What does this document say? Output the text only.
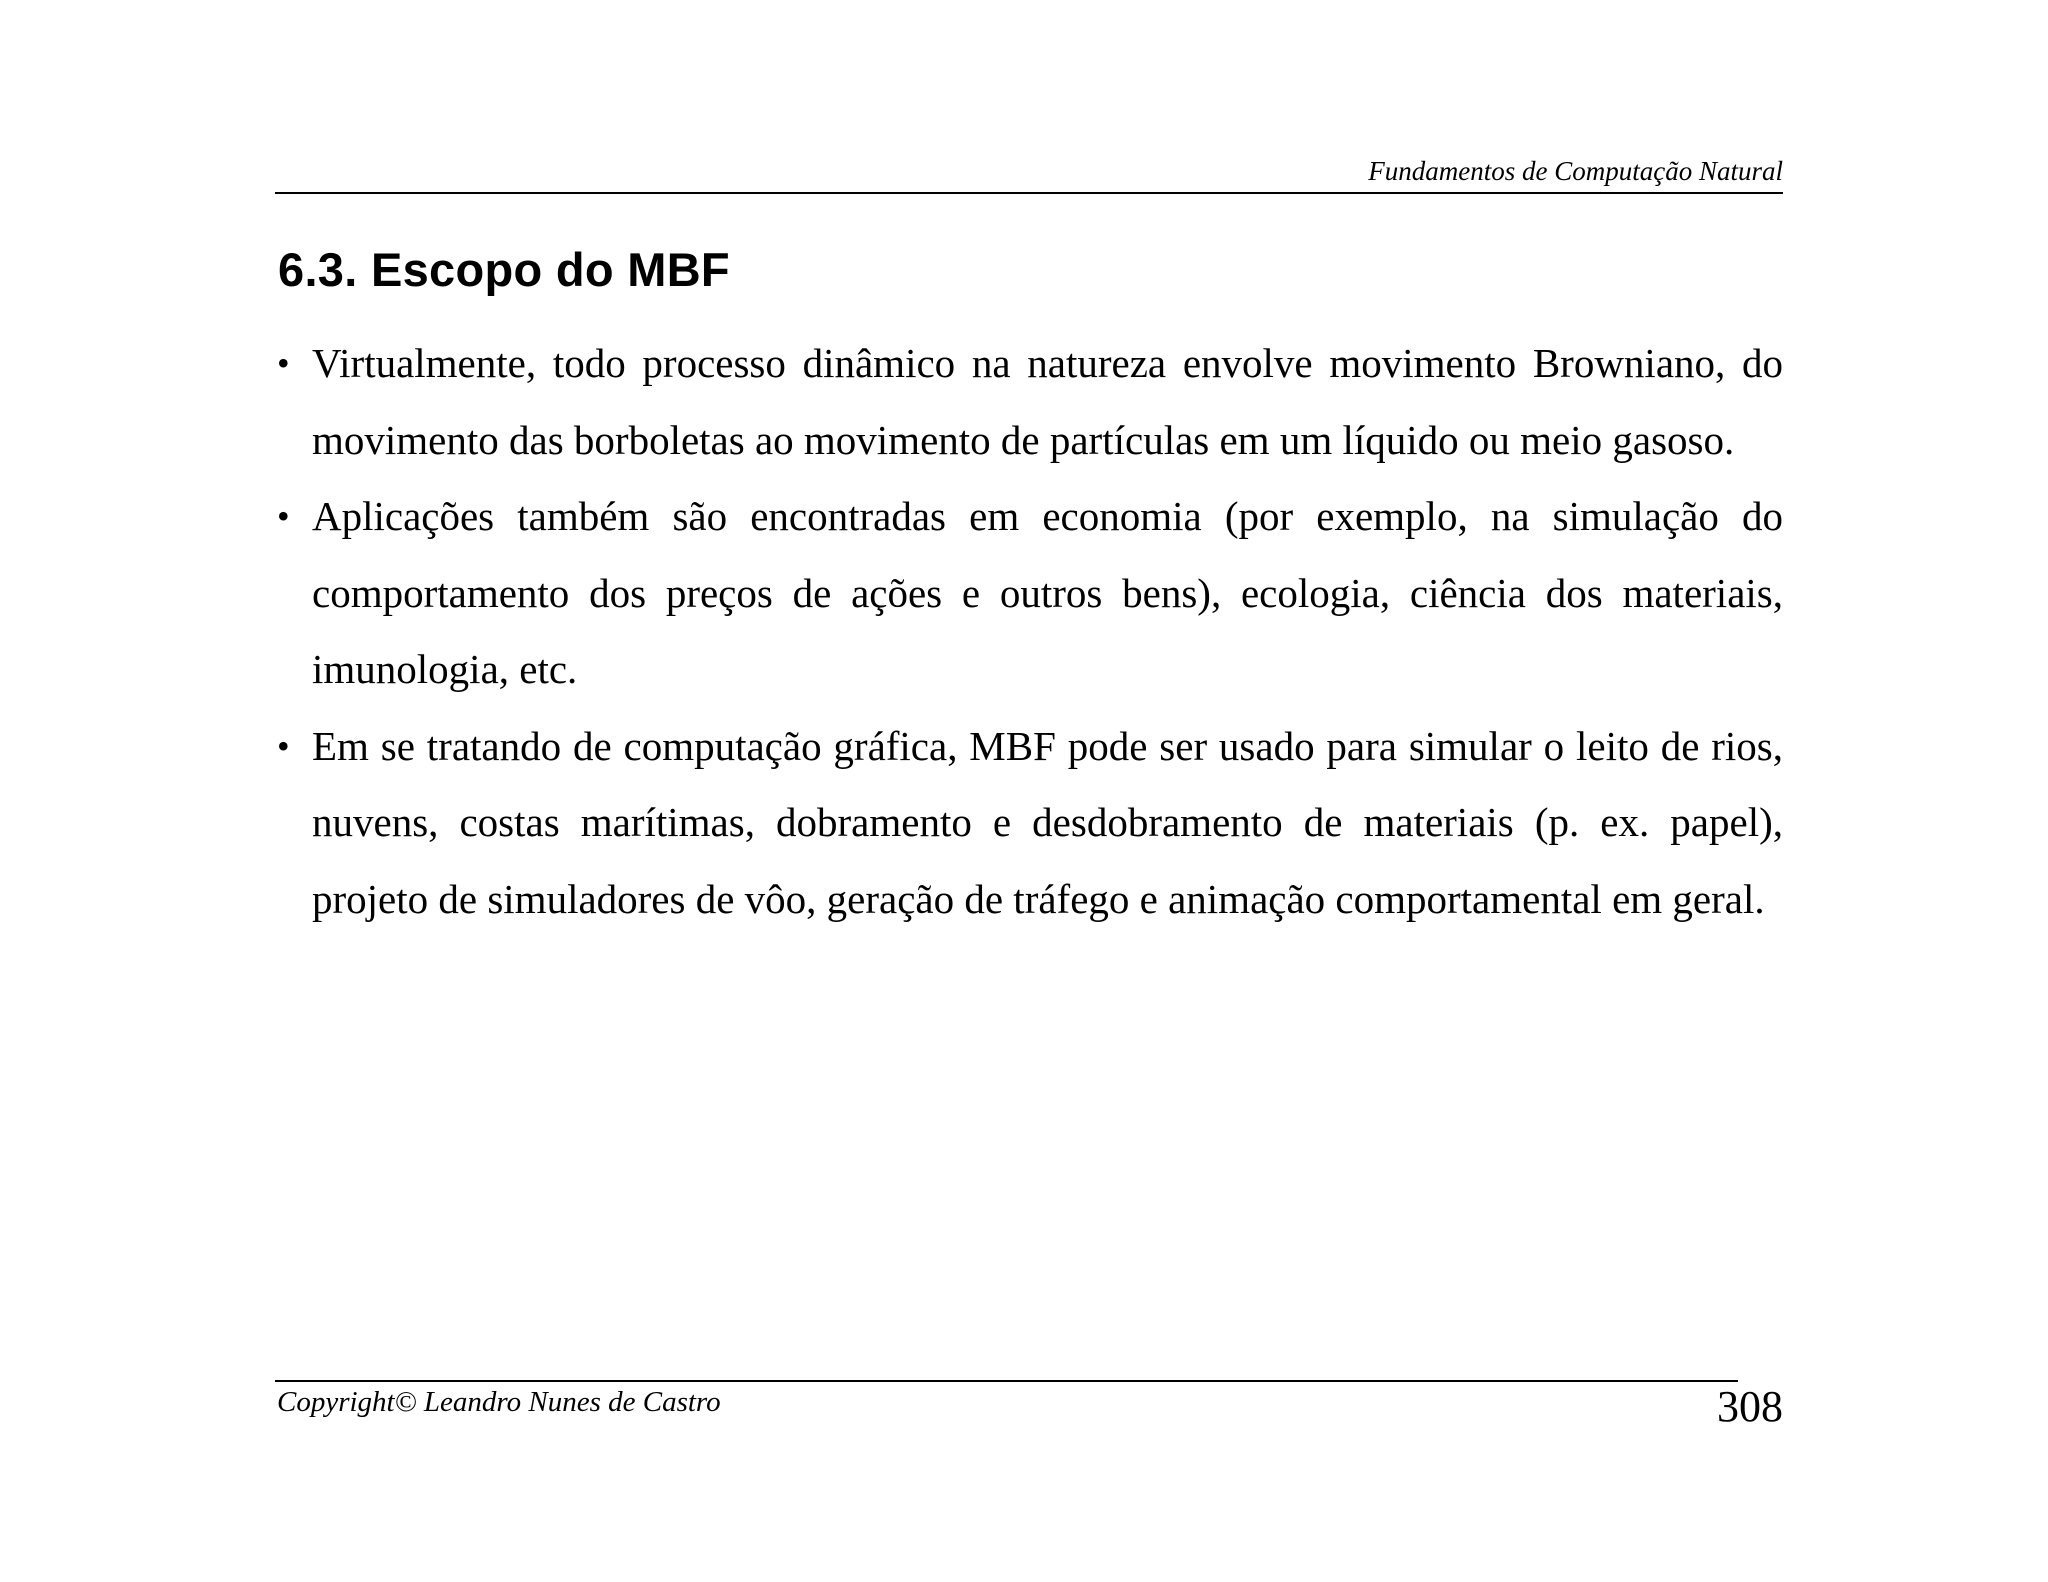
Fundamentos de Computação Natural
6.3. Escopo do MBF
• Virtualmente, todo processo dinâmico na natureza envolve movimento Browniano, do movimento das borboletas ao movimento de partículas em um líquido ou meio gasoso.
• Aplicações também são encontradas em economia (por exemplo, na simulação do comportamento dos preços de ações e outros bens), ecologia, ciência dos materiais, imunologia, etc.
• Em se tratando de computação gráfica, MBF pode ser usado para simular o leito de rios, nuvens, costas marítimas, dobramento e desdobramento de materiais (p. ex. papel), projeto de simuladores de vôo, geração de tráfego e animação comportamental em geral.
Copyright© Leandro Nunes de Castro	308
